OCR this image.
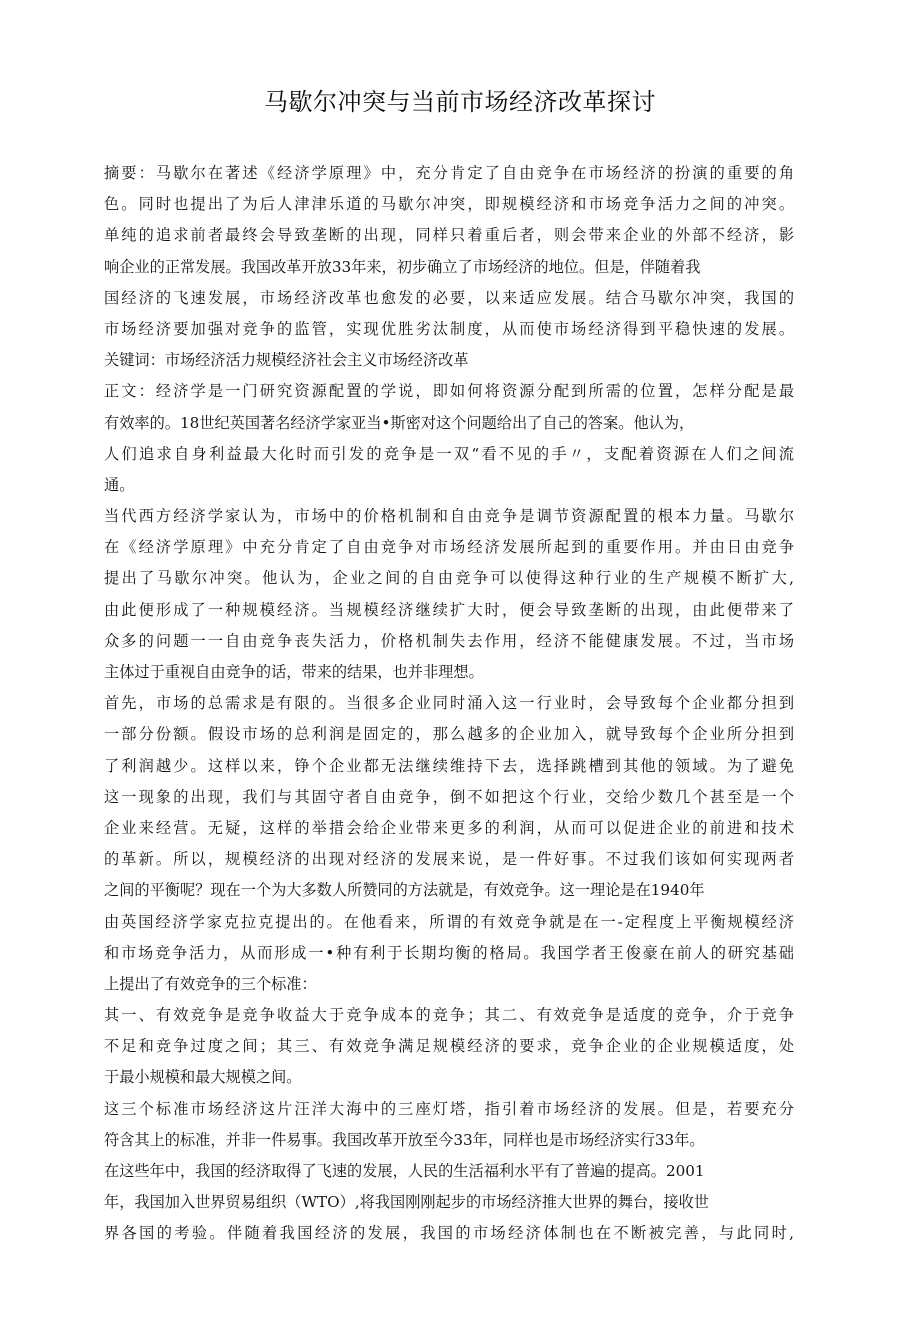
马歇尔冲突与当前市场经济改革探讨
摘要：马歇尔在著述《经济学原理》中，充分肯定了自由竞争在市场经济的扮演的重要的角
色。同时也提出了为后人津津乐道的马歇尔冲突，即规模经济和市场竞争活力之间的冲突。
单纯的追求前者最终会导致垄断的出现，同样只着重后者，则会带来企业的外部不经济，影
响企业的正常发展。我国改革开放33年来，初步确立了市场经济的地位。但是，伴随着我
国经济的飞速发展，市场经济改革也愈发的必要，以来适应发展。结合马歇尔冲突，我国的
市场经济要加强对竞争的监管，实现优胜劣汰制度，从而使市场经济得到平稳快速的发展。
关键词：市场经济活力规模经济社会主义市场经济改革
正文：经济学是一门研究资源配置的学说，即如何将资源分配到所需的位置，怎样分配是最
有效率的。18世纪英国著名经济学家亚当•斯密对这个问题给出了自己的答案。他认为，
人们追求自身利益最大化时而引发的竞争是一双“看不见的手〃，支配着资源在人们之间流
通。
当代西方经济学家认为，市场中的价格机制和自由竞争是调节资源配置的根本力量。马歇尔
在《经济学原理》中充分肯定了自由竞争对市场经济发展所起到的重要作用。并由日由竞争
提出了马歇尔冲突。他认为，企业之间的自由竞争可以使得这种行业的生产规模不断扩大,
由此便形成了一种规模经济。当规模经济继续扩大时，便会导致垄断的出现，由此便带来了
众多的问题一一自由竞争丧失活力，价格机制失去作用，经济不能健康发展。不过，当市场
主体过于重视自由竞争的话，带来的结果，也并非理想。
首先，市场的总需求是有限的。当很多企业同时涌入这一行业时，会导致每个企业都分担到
一部分份额。假设市场的总利润是固定的，那么越多的企业加入，就导致每个企业所分担到
了利润越少。这样以来，铮个企业都无法继续维持下去，选择跳槽到其他的领域。为了避免
这一现象的出现，我们与其固守者自由竞争，倒不如把这个行业，交给少数几个甚至是一个
企业来经营。无疑，这样的举措会给企业带来更多的利润，从而可以促进企业的前进和技术
的革新。所以，规模经济的出现对经济的发展来说，是一件好事。不过我们该如何实现两者
之间的平衡呢？现在一个为大多数人所赞同的方法就是，有效竞争。这一理论是在1940年
由英国经济学家克拉克提出的。在他看来，所谓的有效竞争就是在一-定程度上平衡规模经济
和市场竞争活力，从而形成一•种有利于长期均衡的格局。我国学者王俊豪在前人的研究基础
上提出了有效竞争的三个标准：
其一、有效竞争是竞争收益大于竞争成本的竞争；其二、有效竞争是适度的竞争，介于竞争
不足和竞争过度之间；其三、有效竞争满足规模经济的要求，竞争企业的企业规模适度，处
于最小规模和最大规模之间。
这三个标准市场经济这片汪洋大海中的三座灯塔，指引着市场经济的发展。但是，若要充分
符含其上的标准，并非一件易事。我国改革开放至今33年，同样也是市场经济实行33年。
在这些年中，我国的经济取得了飞速的发展，人民的生活福利水平有了普遍的提高。2001
年，我国加入世界贸易组织（WTO）,将我国刚刚起步的市场经济推大世界的舞台，接收世
界各国的考验。伴随着我国经济的发展，我国的市场经济体制也在不断被完善，与此同时,
